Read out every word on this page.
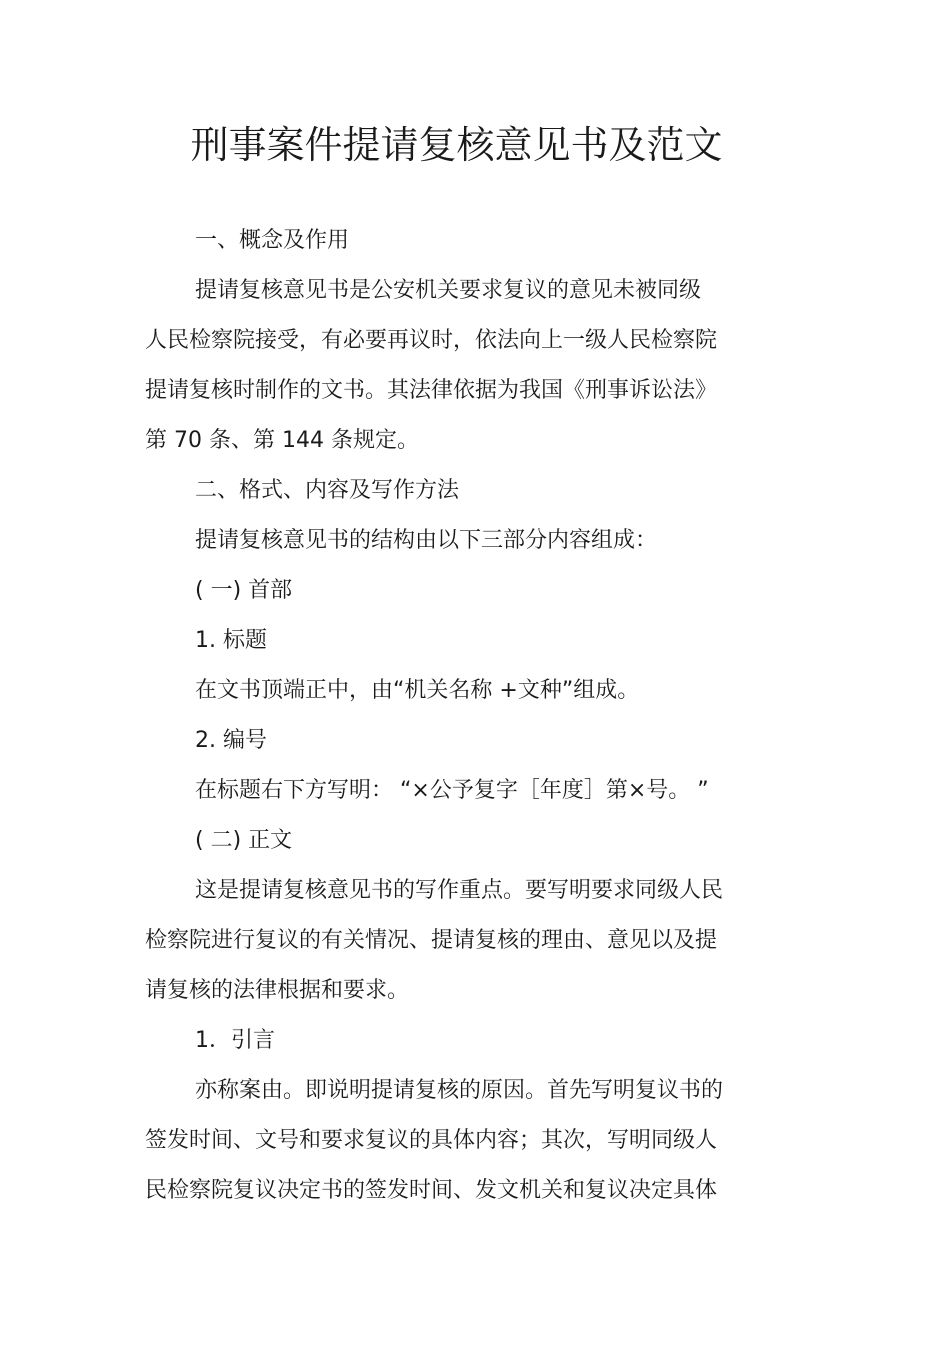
刑事案件提请复核意见书及范文
一、概念及作用
提请复核意见书是公安机关要求复议的意见未被同级
人民检察院接受，有必要再议时，依法向上一级人民检察院
提请复核时制作的文书。其法律依据为我国《刑事诉讼法》
第 70 条、第 144 条规定。
二、格式、内容及写作方法
提请复核意见书的结构由以下三部分内容组成：
( 一) 首部
1. 标题
在文书顶端正中，由“机关名称 +文种”组成。
2. 编号
在标题右下方写明： “×公予复字［年度］第×号。 ”
( 二) 正文
这是提请复核意见书的写作重点。要写明要求同级人民
检察院进行复议的有关情况、提请复核的理由、意见以及提
请复核的法律根据和要求。
1．引言
亦称案由。即说明提请复核的原因。首先写明复议书的
签发时间、文号和要求复议的具体内容；其次，写明同级人
民检察院复议决定书的签发时间、发文机关和复议决定具体
